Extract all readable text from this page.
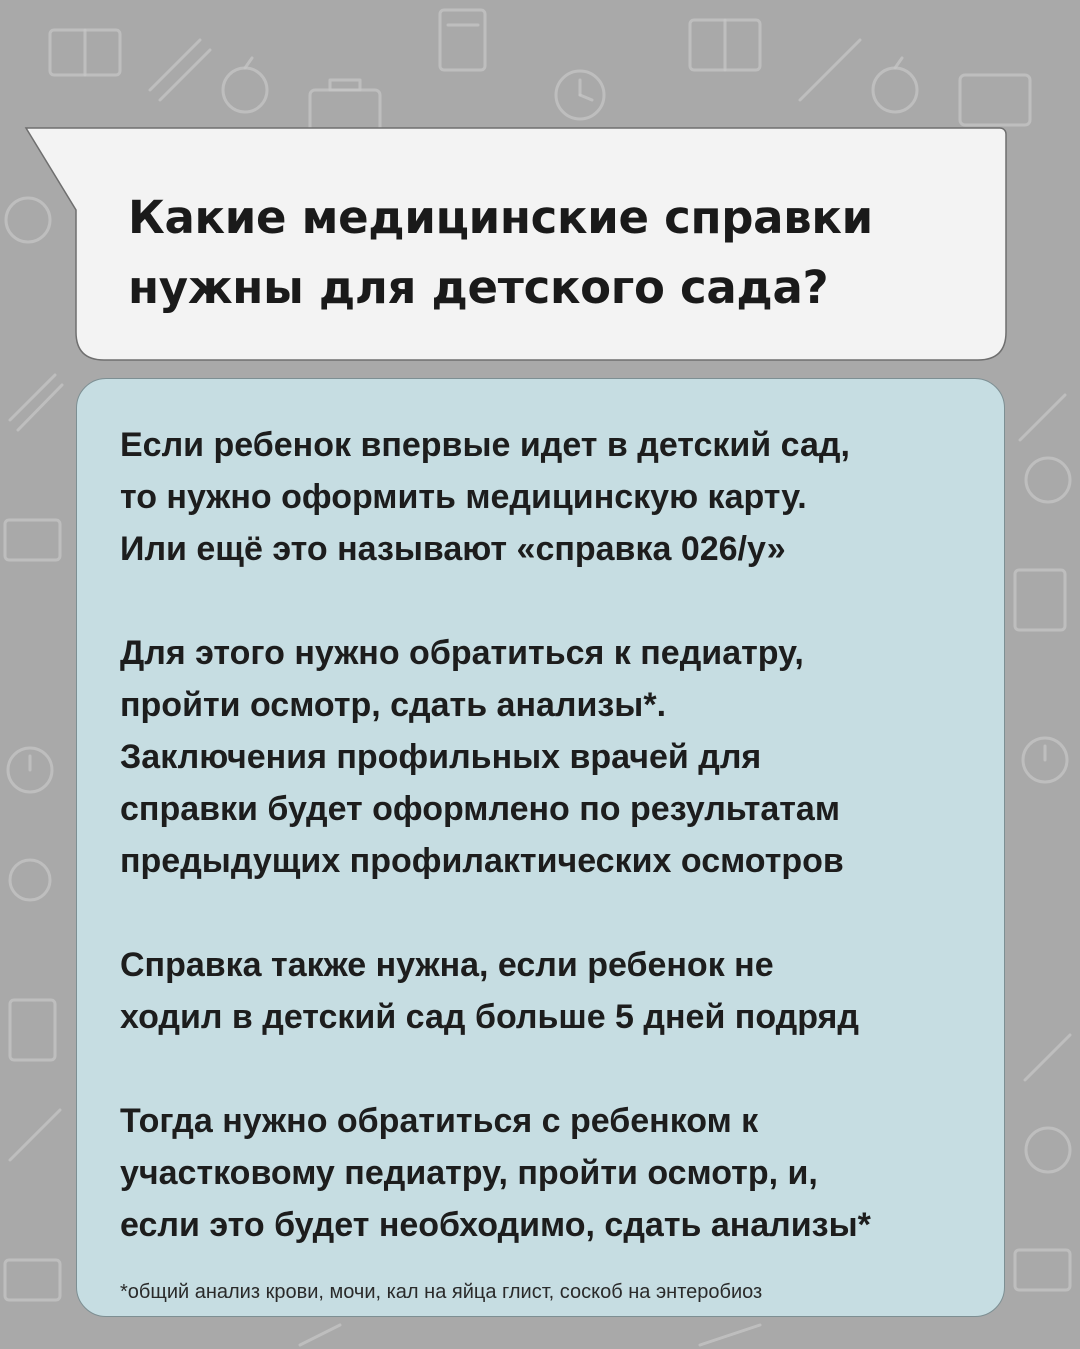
Какие медицинские справки
нужны для детского сада?

Если ребенок впервые идет в детский сад,
то нужно оформить медицинскую карту.
Или ещё это называют «справка 026/у»

Для этого нужно обратиться к педиатру,
пройти осмотр, сдать анализы*.
Заключения профильных врачей для
справки будет оформлено по результатам
предыдущих профилактических осмотров

Справка также нужна, если ребенок не
ходил в детский сад больше 5 дней подряд

Тогда нужно обратиться с ребенком к
участковому педиатру, пройти осмотр, и,
если это будет необходимо, сдать анализы*

*общий анализ крови, мочи, кал на яйца глист, соскоб на энтеробиоз
